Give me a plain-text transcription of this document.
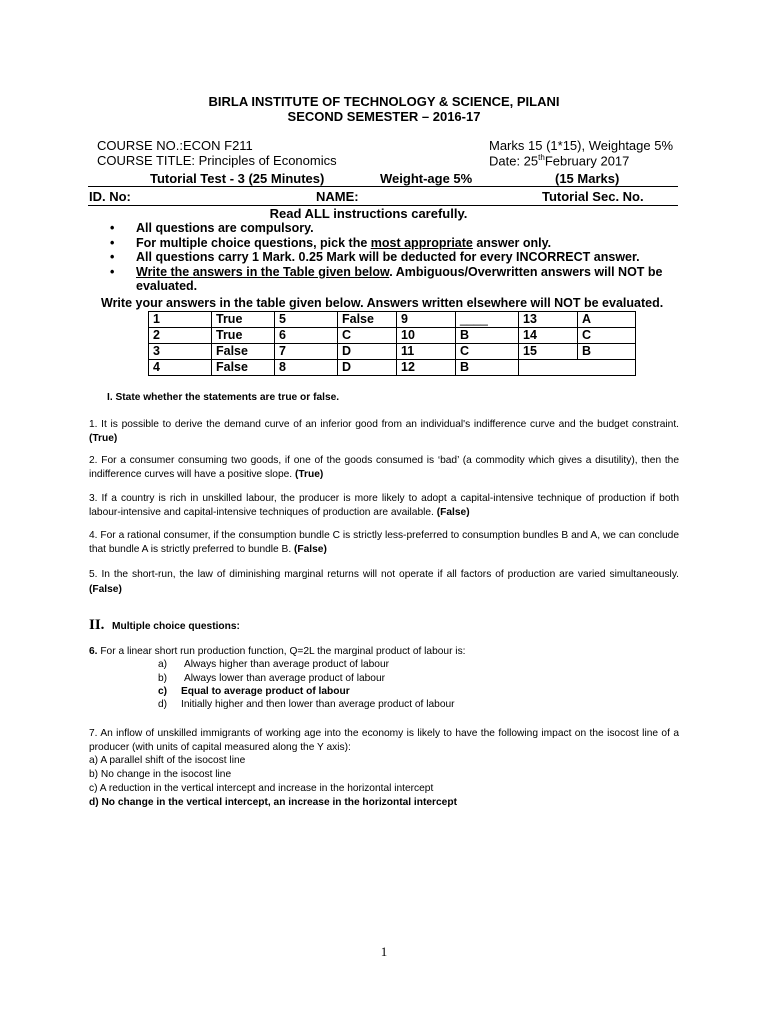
BIRLA INSTITUTE OF TECHNOLOGY & SCIENCE, PILANI
SECOND SEMESTER – 2016-17
COURSE NO.:ECON F211
COURSE TITLE: Principles of Economics
Marks 15 (1*15), Weightage 5%
Date: 25thFebruary 2017
Tutorial Test - 3 (25 Minutes)	Weight-age 5%	(15 Marks)
ID. No:	NAME:	Tutorial Sec. No.
Read ALL instructions carefully.
• All questions are compulsory.
• For multiple choice questions, pick the most appropriate answer only.
• All questions carry 1 Mark. 0.25 Mark will be deducted for every INCORRECT answer.
• Write the answers in the Table given below. Ambiguous/Overwritten answers will NOT be evaluated.
Write your answers in the table given below. Answers written elsewhere will NOT be evaluated.
1	True	5	False	9	____	13	A
2	True	6	C	10	B	14	C
3	False	7	D	11	C	15	B
4	False	8	D	12	B		
I. State whether the statements are true or false.
1. It is possible to derive the demand curve of an inferior good from an individual's indifference curve and the budget constraint. (True)
2. For a consumer consuming two goods, if one of the goods consumed is ‘bad’ (a commodity which gives a disutility), then the indifference curves will have a positive slope. (True)
3. If a country is rich in unskilled labour, the producer is more likely to adopt a capital-intensive technique of production if both labour-intensive and capital-intensive techniques of production are available. (False)
4. For a rational consumer, if the consumption bundle C is strictly less-preferred to consumption bundles B and A, we can conclude that bundle A is strictly preferred to bundle B. (False)
5. In the short-run, the law of diminishing marginal returns will not operate if all factors of production are varied simultaneously. (False)
II. Multiple choice questions:
6. For a linear short run production function, Q=2L the marginal product of labour is:
a) Always higher than average product of labour
b) Always lower than average product of labour
c) Equal to average product of labour
d) Initially higher and then lower than average product of labour
7. An inflow of unskilled immigrants of working age into the economy is likely to have the following impact on the isocost line of a producer (with units of capital measured along the Y axis):
a) A parallel shift of the isocost line
b) No change in the isocost line
c) A reduction in the vertical intercept and increase in the horizontal intercept
d) No change in the vertical intercept, an increase in the horizontal intercept
1
